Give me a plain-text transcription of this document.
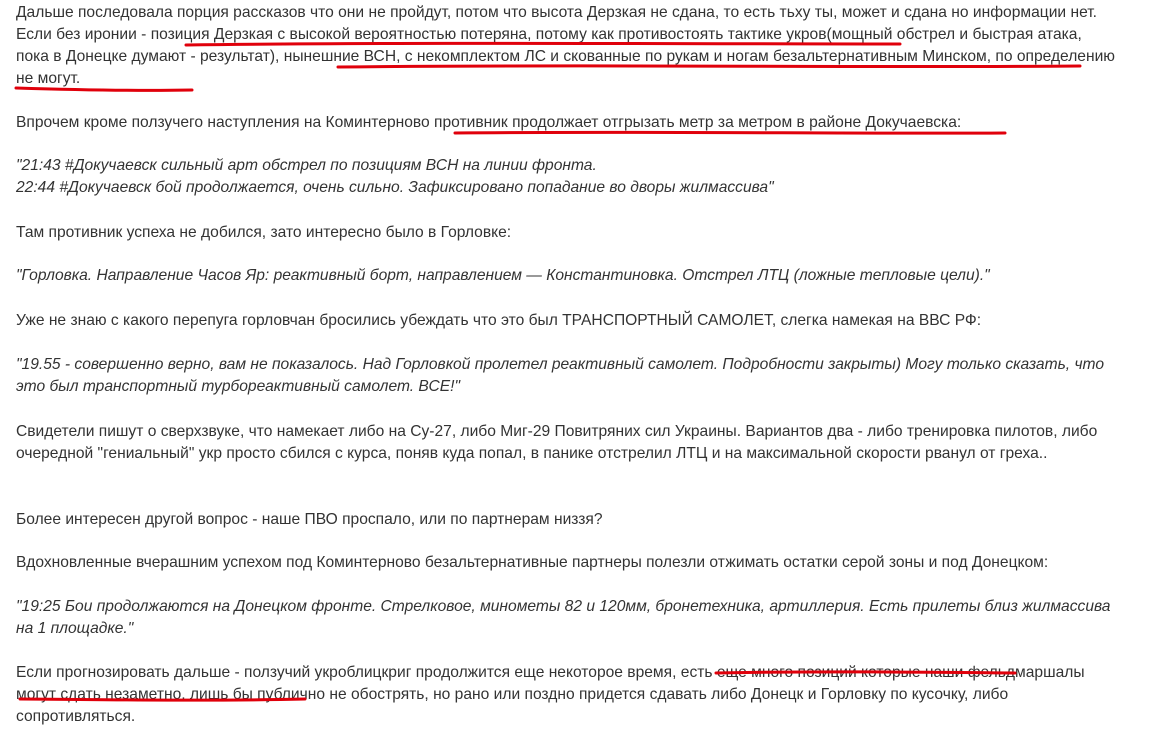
Дальше последовала порция рассказов что они не пройдут, потом что высота Дерзкая не сдана, то есть тьху ты, может и сдана но информации нет. Если без иронии - позиция Дерзкая с высокой вероятностью потеряна, потому как противостоять тактике укров(мощный обстрел и быстрая атака, пока в Донецке думают - результат), нынешние ВСН, с некомплектом ЛС и скованные по рукам и ногам безальтернативным Минском, по определению не могут.

Впрочем кроме ползучего наступления на Коминтерново противник продолжает отгрызать метр за метром в районе Докучаевска:

"21:43 #Докучаевск сильный арт обстрел по позициям ВСН на линии фронта.
22:44 #Докучаевск бой продолжается, очень сильно. Зафиксировано попадание во дворы жилмассива"

Там противник успеха не добился, зато интересно было в Горловке:

"Горловка. Направление Часов Яр: реактивный борт, направлением — Константиновка. Отстрел ЛТЦ (ложные тепловые цели)."

Уже не знаю с какого перепуга горловчан бросились убеждать что это был ТРАНСПОРТНЫЙ САМОЛЕТ, слегка намекая на ВВС РФ:

"19.55 - совершенно верно, вам не показалось. Над Горловкой пролетел реактивный самолет. Подробности закрыты) Могу только сказать, что это был транспортный турбореактивный самолет. ВСЕ!"

Свидетели пишут о сверхзвуке, что намекает либо на Су-27, либо Миг-29 Повитряних сил Украины. Вариантов два - либо тренировка пилотов, либо очередной "гениальный" укр просто сбился с курса, поняв куда попал, в панике отстрелил ЛТЦ и на максимальной скорости рванул от греха..

Более интересен другой вопрос - наше ПВО проспало, или по партнерам низзя?

Вдохновленные вчерашним успехом под Коминтерново безальтернативные партнеры полезли отжимать остатки серой зоны и под Донецком:

"19:25 Бои продолжаются на Донецком фронте. Стрелковое, минометы 82 и 120мм, бронетехника, артиллерия. Есть прилеты близ жилмассива на 1 площадке."

Если прогнозировать дальше - ползучий укроблицкриг продолжится еще некоторое время, есть еще много позиций которые наши фельдмаршалы могут сдать незаметно, лишь бы публично не обострять, но рано или поздно придется сдавать либо Донецк и Горловку по кусочку, либо сопротивляться.
